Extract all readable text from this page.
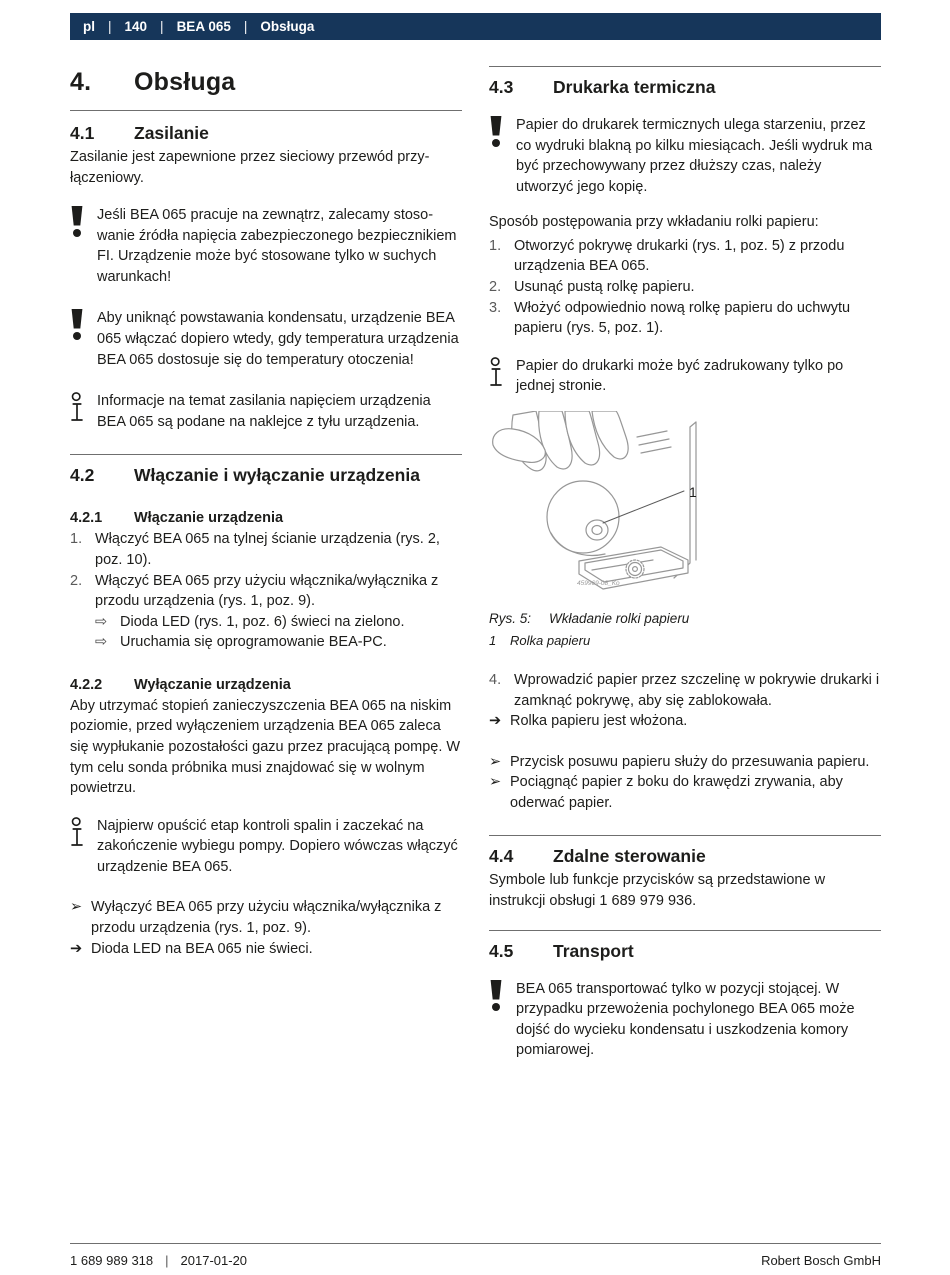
pl | 140 | BEA 065 | Obsługa
4.	Obsługa
4.1	Zasilanie
Zasilanie jest zapewnione przez sieciowy przewód przyłączeniowy.
Jeśli BEA 065 pracuje na zewnątrz, zalecamy stosowanie źródła napięcia zabezpieczonego bezpiecznikiem FI. Urządzenie może być stosowane tylko w suchych warunkach!
Aby uniknąć powstawania kondensatu, urządzenie BEA 065 włączać dopiero wtedy, gdy temperatura urządzenia BEA 065 dostosuje się do temperatury otoczenia!
Informacje na temat zasilania napięciem urządzenia BEA 065 są podane na naklejce z tyłu urządzenia.
4.2	Włączanie i wyłączanie urządzenia
4.2.1	Włączanie urządzenia
1. Włączyć BEA 065 na tylnej ścianie urządzenia (rys. 2, poz. 10).
2. Włączyć BEA 065 przy użyciu włącznika/wyłącznika z przodu urządzenia (rys. 1, poz. 9).
⇨ Dioda LED (rys. 1, poz. 6) świeci na zielono.
⇨ Uruchamia się oprogramowanie BEA-PC.
4.2.2	Wyłączanie urządzenia
Aby utrzymać stopień zanieczyszczenia BEA 065 na niskim poziomie, przed wyłączeniem urządzenia BEA 065 zaleca się wypłukanie pozostałości gazu przez pracującą pompę. W tym celu sonda próbnika musi znajdować się w wolnym powietrzu.
Najpierw opuścić etap kontroli spalin i zaczekać na zakończenie wybiegu pompy. Dopiero wówczas włączyć urządzenie BEA 065.
➢ Wyłączyć BEA 065 przy użyciu włącznika/wyłącznika z przodu urządzenia (rys. 1, poz. 9).
➔ Dioda LED na BEA 065 nie świeci.
4.3	Drukarka termiczna
Papier do drukarek termicznych ulega starzeniu, przez co wydruki blakną po kilku miesiącach. Jeśli wydruk ma być przechowywany przez dłuższy czas, należy utworzyć jego kopię.
Sposób postępowania przy wkładaniu rolki papieru:
1. Otworzyć pokrywę drukarki (rys. 1, poz. 5) z przodu urządzenia BEA 065.
2. Usunąć pustą rolkę papieru.
3. Włożyć odpowiednio nową rolkę papieru do uchwytu papieru (rys. 5, poz. 1).
Papier do drukarki może być zadrukowany tylko po jednej stronie.
1
459969-08_Ko
Rys. 5:	Wkładanie rolki papieru
1	Rolka papieru
4. Wprowadzić papier przez szczelinę w pokrywie drukarki i zamknąć pokrywę, aby się zablokowała.
➔ Rolka papieru jest włożona.
➢ Przycisk posuwu papieru służy do przesuwania papieru.
➢ Pociągnąć papier z boku do krawędzi zrywania, aby oderwać papier.
4.4	Zdalne sterowanie
Symbole lub funkcje przycisków są przedstawione w instrukcji obsługi 1 689 979 936.
4.5	Transport
BEA 065 transportować tylko w pozycji stojącej. W przypadku przewożenia pochylonego BEA 065 może dojść do wycieku kondensatu i uszkodzenia komory pomiarowej.
1 689 989 318 | 2017-01-20	Robert Bosch GmbH
